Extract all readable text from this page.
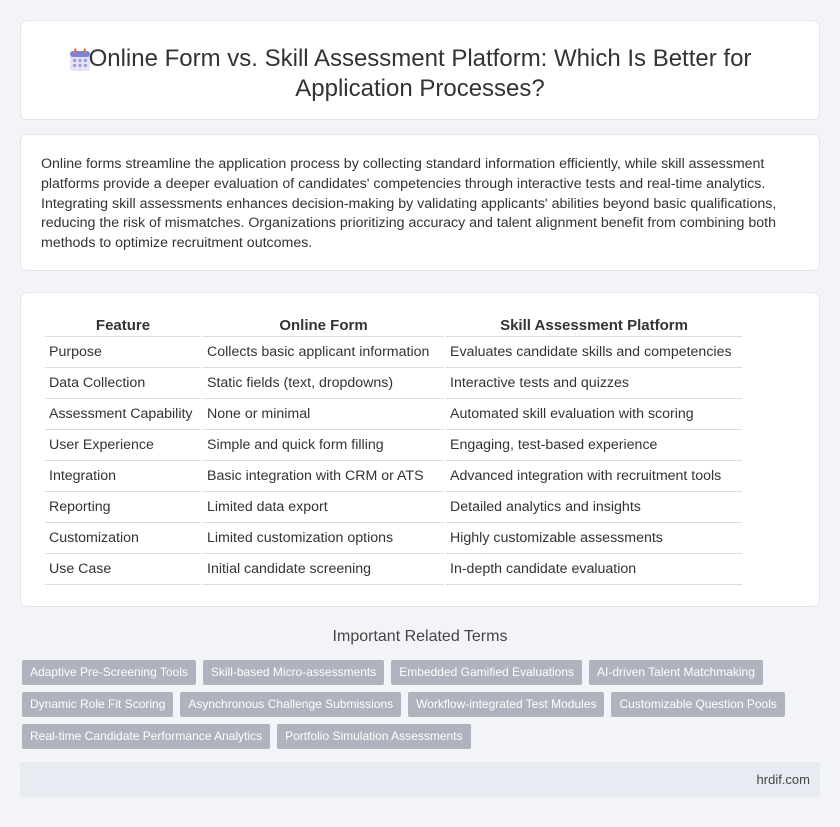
Online Form vs. Skill Assessment Platform: Which Is Better for
Application Processes?

Online forms streamline the application process by collecting standard information efficiently, while skill assessment platforms provide a deeper evaluation of candidates' competencies through interactive tests and real-time analytics. Integrating skill assessments enhances decision-making by validating applicants' abilities beyond basic qualifications, reducing the risk of mismatches. Organizations prioritizing accuracy and talent alignment benefit from combining both methods to optimize recruitment outcomes.

Feature	Online Form	Skill Assessment Platform
Purpose	Collects basic applicant information	Evaluates candidate skills and competencies
Data Collection	Static fields (text, dropdowns)	Interactive tests and quizzes
Assessment Capability	None or minimal	Automated skill evaluation with scoring
User Experience	Simple and quick form filling	Engaging, test-based experience
Integration	Basic integration with CRM or ATS	Advanced integration with recruitment tools
Reporting	Limited data export	Detailed analytics and insights
Customization	Limited customization options	Highly customizable assessments
Use Case	Initial candidate screening	In-depth candidate evaluation
Important Related Terms
Adaptive Pre-Screening Tools	Skill-based Micro-assessments	Embedded Gamified Evaluations	AI-driven Talent Matchmaking
Dynamic Role Fit Scoring	Asynchronous Challenge Submissions	Workflow-integrated Test Modules	Customizable Question Pools
Real-time Candidate Performance Analytics	Portfolio Simulation Assessments
hrdif.com
